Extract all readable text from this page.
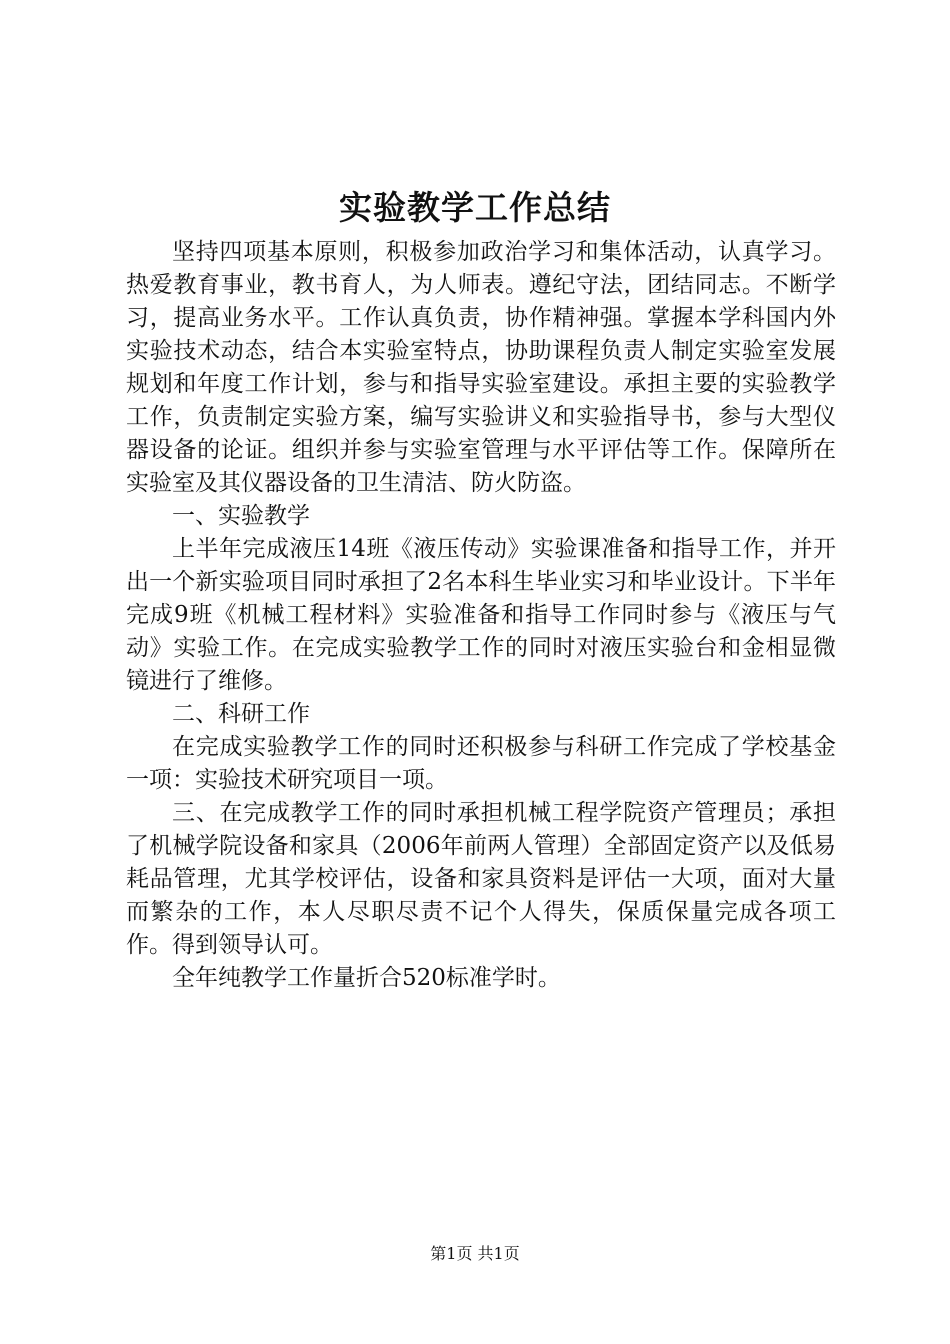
实验教学工作总结

坚持四项基本原则，积极参加政治学习和集体活动，认真学习。热爱教育事业，教书育人，为人师表。遵纪守法，团结同志。不断学习，提高业务水平。工作认真负责，协作精神强。掌握本学科国内外实验技术动态，结合本实验室特点，协助课程负责人制定实验室发展规划和年度工作计划，参与和指导实验室建设。承担主要的实验教学工作，负责制定实验方案，编写实验讲义和实验指导书，参与大型仪器设备的论证。组织并参与实验室管理与水平评估等工作。保障所在实验室及其仪器设备的卫生清洁、防火防盗。

一、实验教学

上半年完成液压14班《液压传动》实验课准备和指导工作，并开出一个新实验项目同时承担了2名本科生毕业实习和毕业设计。下半年完成9班《机械工程材料》实验准备和指导工作同时参与《液压与气动》实验工作。在完成实验教学工作的同时对液压实验台和金相显微镜进行了维修。

二、科研工作

在完成实验教学工作的同时还积极参与科研工作完成了学校基金一项：实验技术研究项目一项。

三、在完成教学工作的同时承担机械工程学院资产管理员；承担了机械学院设备和家具（2006年前两人管理）全部固定资产以及低易耗品管理，尤其学校评估，设备和家具资料是评估一大项，面对大量而繁杂的工作，本人尽职尽责不记个人得失，保质保量完成各项工作。得到领导认可。

全年纯教学工作量折合520标准学时。

第1页 共1页
